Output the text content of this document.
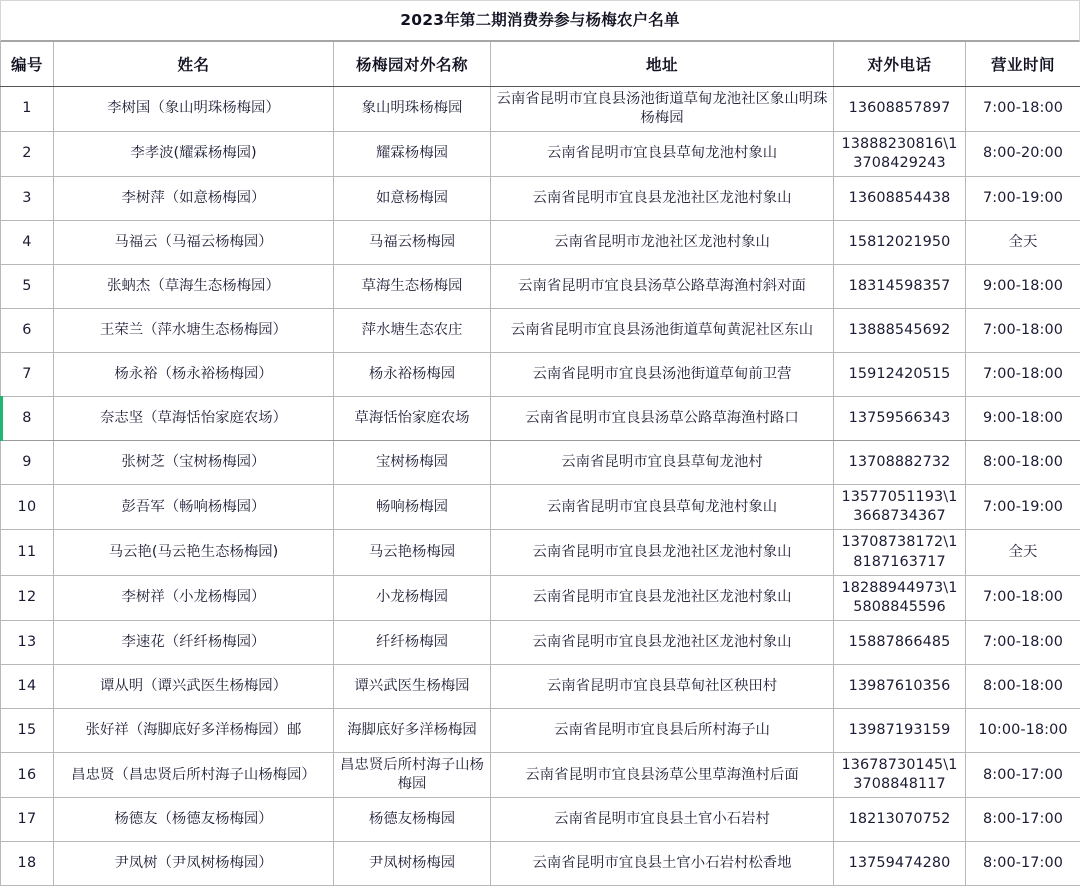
2023年第二期消费券参与杨梅农户名单
编号	姓名	杨梅园对外名称	地址	对外电话	营业时间
1	李树国（象山明珠杨梅园）	象山明珠杨梅园	云南省昆明市宜良县汤池街道草甸龙池社区象山明珠杨梅园	13608857897	7:00-18:00
2	李孝波(耀霖杨梅园)	耀霖杨梅园	云南省昆明市宜良县草甸龙池村象山	13888230816\13708429243	8:00-20:00
3	李树萍（如意杨梅园）	如意杨梅园	云南省昆明市宜良县龙池社区龙池村象山	13608854438	7:00-19:00
4	马福云（马福云杨梅园）	马福云杨梅园	云南省昆明市龙池社区龙池村象山	15812021950	全天
5	张蚋杰（草海生态杨梅园）	草海生态杨梅园	云南省昆明市宜良县汤草公路草海渔村斜对面	18314598357	9:00-18:00
6	王荣兰（萍水塘生态杨梅园）	萍水塘生态农庄	云南省昆明市宜良县汤池街道草甸黄泥社区东山	13888545692	7:00-18:00
7	杨永裕（杨永裕杨梅园）	杨永裕杨梅园	云南省昆明市宜良县汤池街道草甸前卫营	15912420515	7:00-18:00
8	奈志坚（草海恬怡家庭农场）	草海恬怡家庭农场	云南省昆明市宜良县汤草公路草海渔村路口	13759566343	9:00-18:00
9	张树芝（宝树杨梅园）	宝树杨梅园	云南省昆明市宜良县草甸龙池村	13708882732	8:00-18:00
10	彭吾军（畅响杨梅园）	畅响杨梅园	云南省昆明市宜良县草甸龙池村象山	13577051193\13668734367	7:00-19:00
11	马云艳(马云艳生态杨梅园)	马云艳杨梅园	云南省昆明市宜良县龙池社区龙池村象山	13708738172\18187163717	全天
12	李树祥（小龙杨梅园）	小龙杨梅园	云南省昆明市宜良县龙池社区龙池村象山	18288944973\15808845596	7:00-18:00
13	李速花（纤纤杨梅园）	纤纤杨梅园	云南省昆明市宜良县龙池社区龙池村象山	15887866485	7:00-18:00
14	谭从明（谭兴武医生杨梅园）	谭兴武医生杨梅园	云南省昆明市宜良县草甸社区秧田村	13987610356	8:00-18:00
15	张好祥（海脚底好多洋杨梅园）邮	海脚底好多洋杨梅园	云南省昆明市宜良县后所村海子山	13987193159	10:00-18:00
16	昌忠贤（昌忠贤后所村海子山杨梅园）	昌忠贤后所村海子山杨梅园	云南省昆明市宜良县汤草公里草海渔村后面	13678730145\13708848117	8:00-17:00
17	杨德友（杨德友杨梅园）	杨德友杨梅园	云南省昆明市宜良县土官小石岩村	18213070752	8:00-17:00
18	尹凤树（尹凤树杨梅园）	尹凤树杨梅园	云南省昆明市宜良县土官小石岩村松香地	13759474280	8:00-17:00
